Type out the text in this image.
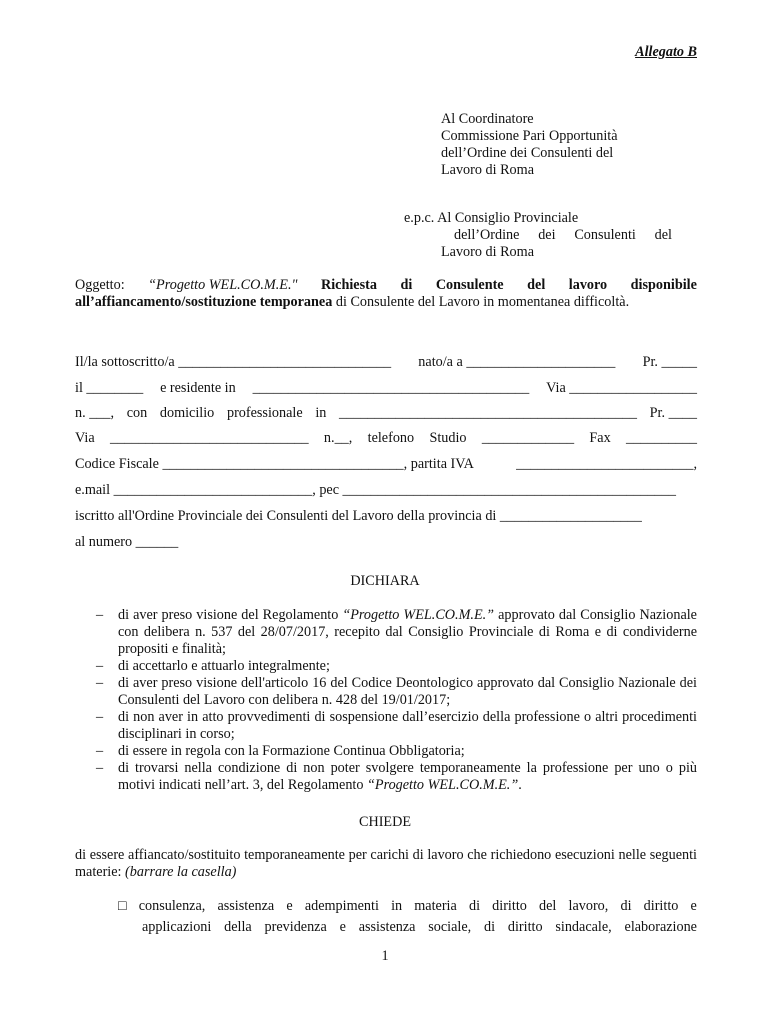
Allegato B
Al Coordinatore
Commissione Pari Opportunità
dell’Ordine dei Consulenti del
Lavoro di Roma
e.p.c. Al Consiglio Provinciale
dell’Ordine dei Consulenti del
Lavoro di Roma
Oggetto: “Progetto WEL.CO.M.E." Richiesta di Consulente del lavoro disponibile
all’affiancamento/sostituzione temporanea di Consulente del Lavoro in momentanea difficoltà.
Il/la sottoscritto/a ______________________________ nato/a a _____________________ Pr. _____
il ________ e residente in _______________________________________ Via __________________
n. ___, con domicilio professionale in __________________________________________ Pr. ____
Via ____________________________ n.__, telefono Studio _____________ Fax __________
Codice Fiscale __________________________________, partita IVA	_________________________,
e.mail ____________________________, pec _______________________________________________
iscritto all'Ordine Provinciale dei Consulenti del Lavoro della provincia di ____________________
al numero ______
DICHIARA
–	di aver preso visione del Regolamento “Progetto WEL.CO.M.E.” approvato dal Consiglio Nazionale con delibera n. 537 del 28/07/2017, recepito dal Consiglio Provinciale di Roma e di condividerne propositi e finalità;
–	di accettarlo e attuarlo integralmente;
–	di aver preso visione dell'articolo 16 del Codice Deontologico approvato dal Consiglio Nazionale dei Consulenti del Lavoro con delibera n. 428 del 19/01/2017;
–	di non aver in atto provvedimenti di sospensione dall’esercizio della professione o altri procedimenti disciplinari in corso;
–	di essere in regola con la Formazione Continua Obbligatoria;
–	di trovarsi nella condizione di non poter svolgere temporaneamente la professione per uno o più motivi indicati nell’art. 3, del Regolamento “Progetto WEL.CO.M.E.”.
CHIEDE
di essere affiancato/sostituito temporaneamente per carichi di lavoro che richiedono esecuzioni nelle seguenti materie: (barrare la casella)
□ consulenza, assistenza e adempimenti in materia di diritto del lavoro, di diritto e
applicazioni della previdenza e assistenza sociale, di diritto sindacale, elaborazione
1
